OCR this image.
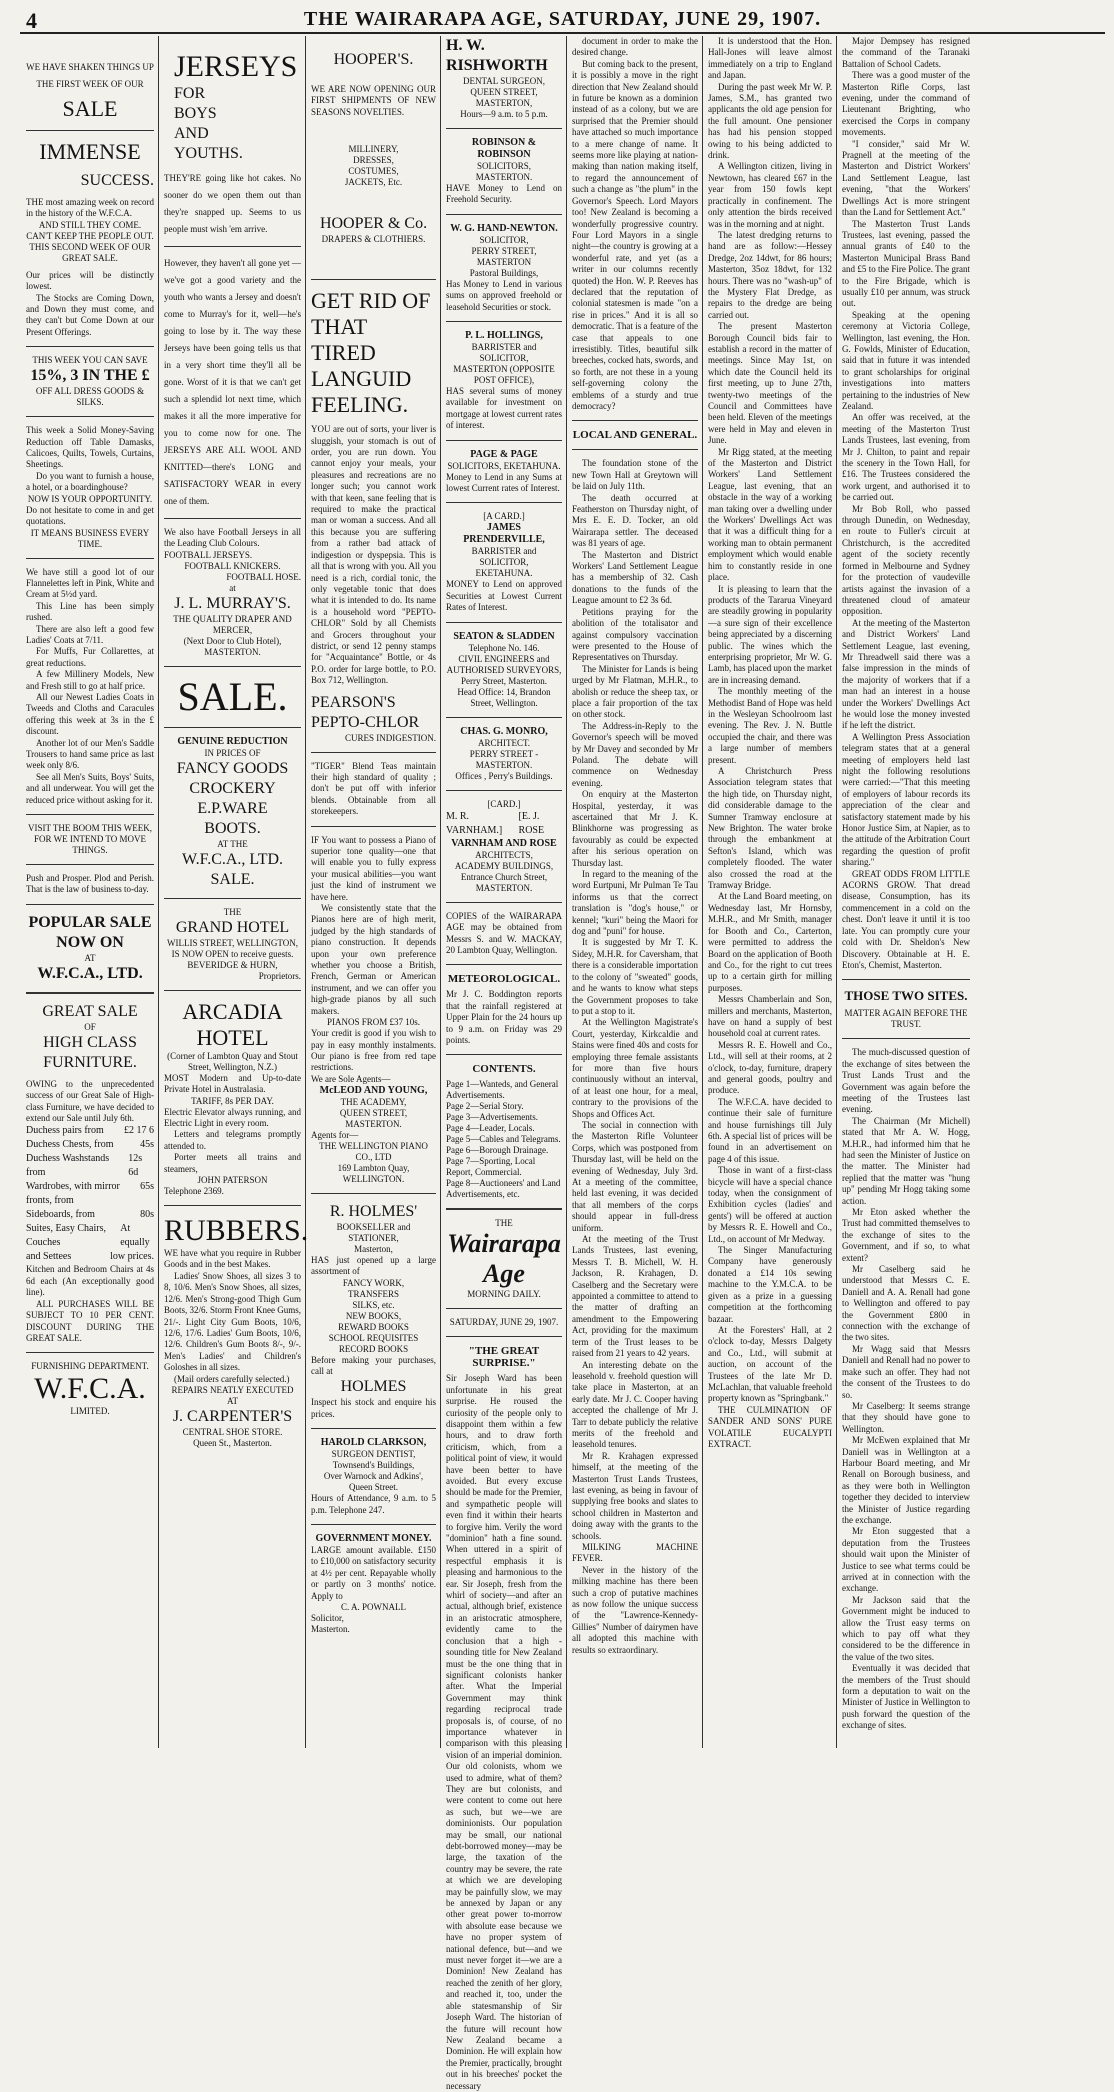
4	THE WAIRARAPA AGE, SATURDAY, JUNE 29, 1907.
WE HAVE SHAKEN THINGS UP
THE FIRST WEEK OF OUR
SALE
IMMENSE
SUCCESS.

THE most amazing week on record in the history of the W.F.C.A.

AND STILL THEY COME.
CAN'T KEEP THE PEOPLE OUT.
THIS SECOND WEEK OF OUR GREAT SALE.

Our prices will be distinctly lowest.

The Stocks are Coming Down, and Down they must come, and they can't but Come Down at our Present Offerings.

THIS WEEK YOU CAN SAVE
15%, 3 IN THE £
OFF ALL DRESS GOODS & SILKS.

This week a Solid Money-Saving Reduction off Table Damasks, Calicoes, Quilts, Towels, Curtains, Sheetings.

Do you want to furnish a house, a hotel, or a boardinghouse?

NOW IS YOUR OPPORTUNITY.

Do not hesitate to come in and get quotations.

IT MEANS BUSINESS EVERY TIME.

We have still a good lot of our Flannelettes left in Pink, White and Cream at 5½d yard.

This Line has been simply rushed.

There are also left a good few Ladies' Coats at 7/11.

For Muffs, Fur Collarettes, at great reductions.

A few Millinery Models, New and Fresh still to go at half price.

All our Newest Ladies Coats in Tweeds and Cloths and Caracules offering this week at 3s in the £ discount.

Another lot of our Men's Saddle Trousers to hand same price as last week only 8/6.

See all Men's Suits, Boys' Suits, and all underwear. You will get the reduced price without asking for it.

VISIT THE BOOM THIS WEEK,
FOR WE INTEND TO MOVE THINGS.

Push and Prosper. Plod and Perish. That is the law of business to-day.

POPULAR SALE
NOW ON
AT
W.F.C.A., LTD.
GREAT SALE
OF
HIGH CLASS
FURNITURE.

OWING to the unprecedented success of our Great Sale of High-class Furniture, we have decided to extend our Sale until July 6th.

Duchess pairs from £2 17 6
Duchess Chests, from	45s
Duchess Washstands from
12s 6d
Wardrobes, with mirror fronts, from
65s
Sideboards, from	80s
Suites, Easy Chairs, Couches
At equally
and Settees	low prices.

Kitchen and Bedroom Chairs at 4s 6d each (An exceptionally good line).

ALL PURCHASES WILL BE SUBJECT TO 10 PER CENT. DISCOUNT DURING THE GREAT SALE.

FURNISHING DEPARTMENT.
W.F.C.A.
LIMITED.
JERSEYS
FOR
BOYS
AND
YOUTHS.

THEY'RE going like hot cakes. No sooner do we open them out than they're snapped up. Seems to us people must wish 'em arrive.

However, they haven't all gone yet —we've got a good variety and the youth who wants a Jersey and doesn't come to Murray's for it, well—he's going to lose by it. The way these Jerseys have been going tells us that in a very short time they'll all be gone. Worst of it is that we can't get such a splendid lot next time, which makes it all the more imperative for you to come now for one. The JERSEYS ARE ALL WOOL AND KNITTED—there's LONG and SATISFACTORY WEAR in every one of them.

We also have Football Jerseys in all the Leading Club Colours.

FOOTBALL JERSEYS.
FOOTBALL KNICKERS.
FOOTBALL HOSE.
at
J. L. MURRAY'S.
THE QUALITY DRAPER AND MERCER,
(Next Door to Club Hotel),
MASTERTON.
SALE.
GENUINE REDUCTION
IN PRICES OF
FANCY GOODS
CROCKERY
E.P.WARE
BOOTS.
AT THE
W.F.C.A., LTD.
SALE.
THE
GRAND HOTEL
WILLIS STREET, WELLINGTON,
IS NOW OPEN to receive guests.
BEVERIDGE & HURN,
Proprietors.
ARCADIA HOTEL
(Corner of Lambton Quay and Stout Street, Wellington, N.Z.)

MOST Modern and Up-to-date Private Hotel in Australasia.

TARIFF, 8s PER DAY.

Electric Elevator always running, and Electric Light in every room.

Letters and telegrams promptly attended to.

Porter meets all trains and steamers,

JOHN PATERSON
Telephone 2369.
RUBBERS.

WE have what you require in Rubber Goods and in the best Makes.

Ladies' Snow Shoes, all sizes 3 to 8, 10/6. Men's Snow Shoes, all sizes, 12/6. Men's Strong-good Thigh Gum Boots, 32/6. Storm Front Knee Gums, 21/-. Light City Gum Boots, 10/6, 12/6, 17/6. Ladies' Gum Boots, 10/6, 12/6. Children's Gum Boots 8/-, 9/-. Men's Ladies' and Children's Goloshes in all sizes.

(Mail orders carefully selected.)

REPAIRS NEATLY EXECUTED
AT
J. CARPENTER'S
CENTRAL SHOE STORE.
Queen St., Masterton.
HOOPER'S.

WE ARE NOW OPENING OUR FIRST SHIPMENTS OF NEW SEASONS NOVELTIES.

MILLINERY,
DRESSES,
COSTUMES,
JACKETS, Etc.
HOOPER & Co.
DRAPERS & CLOTHIERS.
GET RID OF
THAT TIRED
LANGUID
FEELING.

YOU are out of sorts, your liver is sluggish, your stomach is out of order, you are run down. You cannot enjoy your meals, your pleasures and recreations are no longer such; you cannot work with that keen, sane feeling that is required to make the practical man or woman a success. And all this because you are suffering from a rather bad attack of indigestion or dyspepsia. This is all that is wrong with you. All you need is a rich, cordial tonic, the only vegetable tonic that does what it is intended to do. Its name is a household word "PEPTO-CHLOR" Sold by all Chemists and Grocers throughout your district, or send 12 penny stamps for "Acquaintance" Bottle, or 4s P.O. order for large bottle, to P.O. Box 712, Wellington.

PEARSON'S
PEPTO-CHLOR
CURES INDIGESTION.

"TIGER" Blend Teas maintain their high standard of quality ; don't be put off with inferior blends. Obtainable from all storekeepers.

IF You want to possess a Piano of superior tone quality—one that will enable you to fully express your musical abilities—you want just the kind of instrument we have here.

We consistently state that the Pianos here are of high merit, judged by the high standards of piano construction. It depends upon your own preference whether you choose a British, French, German or American instrument, and we can offer you high-grade pianos by all such makers.

PIANOS FROM £37 10s.

Your credit is good if you wish to pay in easy monthly instalments. Our piano is free from red tape restrictions.

We are Sole Agents—
McLEOD AND YOUNG,
THE ACADEMY,
QUEEN STREET, MASTERTON.
Agents for—
THE WELLINGTON PIANO CO., LTD
169 Lambton Quay,
WELLINGTON.
R. HOLMES'
BOOKSELLER and STATIONER,
Masterton,

HAS just opened up a large assortment of

FANCY WORK,
TRANSFERS
SILKS, etc.
NEW BOOKS,
REWARD BOOKS
SCHOOL REQUISITES
RECORD BOOKS

Before making your purchases, call at

HOLMES

Inspect his stock and enquire his prices.

HAROLD CLARKSON,
SURGEON DENTIST,
Townsend's Buildings,
Over Warnock and Adkins',
Queen Street.

Hours of Attendance, 9 a.m. to 5 p.m. Telephone 247.

GOVERNMENT MONEY.

LARGE amount available. £150 to £10,000 on satisfactory security at 4½ per cent. Repayable wholly or partly on 3 months' notice. Apply to

C. A. POWNALL
Solicitor,
Masterton.
H. W. RISHWORTH
DENTAL SURGEON,
QUEEN STREET, MASTERTON,
Hours—9 a.m. to 5 p.m.
ROBINSON & ROBINSON
SOLICITORS,
MASTERTON.

HAVE Money to Lend on Freehold Security.

W. G. HAND-NEWTON.
SOLICITOR,
PERRY STREET, MASTERTON
Pastoral Buildings,

Has Money to Lend in various sums on approved freehold or leasehold Securities or stock.

P. L. HOLLINGS,
BARRISTER and SOLICITOR,
MASTERTON (OPPOSITE POST OFFICE),

HAS several sums of money available for investment on mortgage at lowest current rates of interest.

PAGE & PAGE
SOLICITORS, EKETAHUNA.

Money to Lend in any Sums at lowest Current rates of Interest.

[A CARD.]
JAMES PRENDERVILLE,
BARRISTER and SOLICITOR,
EKETAHUNA.

MONEY to Lend on approved Securities at Lowest Current Rates of Interest.

SEATON & SLADDEN
Telephone No. 146.
CIVIL ENGINEERS and AUTHORISED SURVEYORS,
Perry Street, Masterton.
Head Office: 14, Brandon Street, Wellington.
CHAS. G. MONRO,
ARCHITECT.
PERRY STREET - MASTERTON.
Offices , Perry's Buildings.
[CARD.]
M. R. VARNHAM.]
[E. J. ROSE
VARNHAM AND ROSE
ARCHITECTS,
ACADEMY BUILDINGS,
Entrance Church Street, MASTERTON.

COPIES of the WAIRARAPA AGE may be obtained from Messrs S. and W. MACKAY, 20 Lambton Quay, Wellington.

METEOROLOGICAL.

Mr J. C. Boddington reports that the rainfall registered at Upper Plain for the 24 hours up to 9 a.m. on Friday was 29 points.

CONTENTS.
Page 1—Wanteds, and General Advertisements.
Page 2—Serial Story.
Page 3—Advertisements.
Page 4—Leader, Locals.
Page 5—Cables and Telegrams.
Page 6—Borough Drainage.
Page 7—Sporting, Local Report, Commercial.
Page 8—Auctioneers' and Land Advertisements, etc.
THE
Wairarapa Age
MORNING DAILY.
SATURDAY, JUNE 29, 1907.
"THE GREAT SURPRISE."

Sir Joseph Ward has been unfortunate in his great surprise. He roused the curiosity of the people only to disappoint them within a few hours, and to draw forth criticism, which, from a political point of view, it would have been better to have avoided. But every excuse should be made for the Premier, and sympathetic people will even find it within their hearts to forgive him. Verily the word "dominion" hath a fine sound. When uttered in a spirit of respectful emphasis it is pleasing and harmonious to the ear. Sir Joseph, fresh from the whirl of society—and after an actual, although brief, existence in an aristocratic atmosphere, evidently came to the conclusion that a high - sounding title for New Zealand must be the one thing that in significant colonists hanker after. What the Imperial Government may think regarding reciprocal trade proposals is, of course, of no importance whatever in comparison with this pleasing vision of an imperial dominion. Our old colonists, whom we used to admire, what of them? They are but colonists, and were content to come out here as such, but we—we are dominionists. Our population may be small, our national debt-borrowed money—may be large, the taxation of the country may be severe, the rate at which we are developing may be painfully slow, we may be annexed by Japan or any other great power to-morrow with absolute ease because we have no proper system of national defence, but—and we must never forget it—we are a Dominion! New Zealand has reached the zenith of her glory, and reached it, too, under the able statesmanship of Sir Joseph Ward. The historian of the future will recount how New Zealand became a Dominion. He will explain how the Premier, practically, brought out in his breeches' pocket the necessary

document in order to make the desired change.

But coming back to the present, it is possibly a move in the right direction that New Zealand should in future be known as a dominion instead of as a colony, but we are surprised that the Premier should have attached so much importance to a mere change of name. It seems more like playing at nation-making than nation making itself, to regard the announcement of such a change as "the plum" in the Governor's Speech. Lord Mayors too! New Zealand is becoming a wonderfully progressive country. Four Lord Mayors in a single night—the country is growing at a wonderful rate, and yet (as a writer in our columns recently quoted) the Hon. W. P. Reeves has declared that the reputation of colonial statesmen is made "on a rise in prices." And it is all so democratic. That is a feature of the case that appeals to one irresistibly. Titles, beautiful silk breeches, cocked hats, swords, and so forth, are not these in a young self-governing colony the emblems of a sturdy and true democracy?

LOCAL AND GENERAL.

The foundation stone of the new Town Hall at Greytown will be laid on July 11th.

The death occurred at Featherston on Thursday night, of Mrs E. E. D. Tocker, an old Wairarapa settler. The deceased was 81 years of age.

The Masterton and District Workers' Land Settlement League has a membership of 32. Cash donations to the funds of the League amount to £2 3s 6d.

Petitions praying for the abolition of the totalisator and against compulsory vaccination were presented to the House of Representatives on Thursday.

The Minister for Lands is being urged by Mr Flatman, M.H.R., to abolish or reduce the sheep tax, or place a fair proportion of the tax on other stock.

The Address-in-Reply to the Governor's speech will be moved by Mr Davey and seconded by Mr Poland. The debate will commence on Wednesday evening.

On enquiry at the Masterton Hospital, yesterday, it was ascertained that Mr J. K. Blinkhorne was progressing as favourably as could be expected after his serious operation on Thursday last.

In regard to the meaning of the word Eurtpuni, Mr Pulman Te Tau informs us that the correct translation is "dog's house," or kennel; "kuri" being the Maori for dog and "puni" for house.

It is suggested by Mr T. K. Sidey, M.H.R. for Caversham, that there is a considerable importation to the colony of "sweated" goods, and he wants to know what steps the Government proposes to take to put a stop to it.

At the Wellington Magistrate's Court, yesterday, Kirkcaldie and Stains were fined 40s and costs for employing three female assistants for more than five hours continuously without an interval, of at least one hour, for a meal, contrary to the provisions of the Shops and Offices Act.

The social in connection with the Masterton Rifle Volunteer Corps, which was postponed from Thursday last, will be held on the evening of Wednesday, July 3rd. At a meeting of the committee, held last evening, it was decided that all members of the corps should appear in full-dress uniform.

At the meeting of the Trust Lands Trustees, last evening, Messrs T. B. Michell, W. H. Jackson, R. Krahagen, D. Caselberg and the Secretary were appointed a committee to attend to the matter of drafting an amendment to the Empowering Act, providing for the maximum term of the Trust leases to be raised from 21 years to 42 years.

An interesting debate on the leasehold v. freehold question will take place in Masterton, at an early date. Mr J. C. Cooper having accepted the challenge of Mr J. Tarr to debate publicly the relative merits of the freehold and leasehold tenures.

Mr R. Krahagen expressed himself, at the meeting of the Masterton Trust Lands Trustees, last evening, as being in favour of supplying free books and slates to school children in Masterton and doing away with the grants to the schools.

MILKING MACHINE FEVER.

Never in the history of the milking machine has there been such a crop of putative machines as now follow the unique success of the "Lawrence-Kennedy-Gillies" Number of dairymen have all adopted this machine with results so extraordinary.

It is understood that the Hon. Hall-Jones will leave almost immediately on a trip to England and Japan.

During the past week Mr W. P. James, S.M., has granted two applicants the old age pension for the full amount. One pensioner has had his pension stopped owing to his being addicted to drink.

A Wellington citizen, living in Newtown, has cleared £67 in the year from 150 fowls kept practically in confinement. The only attention the birds received was in the morning and at night.

The latest dredging returns to hand are as follow:—Hessey Dredge, 2oz 14dwt, for 86 hours; Masterton, 35oz 18dwt, for 132 hours. There was no "wash-up" of the Mystery Flat Dredge, as repairs to the dredge are being carried out.

The present Masterton Borough Council bids fair to establish a record in the matter of meetings. Since May 1st, on which date the Council held its first meeting, up to June 27th, twenty-two meetings of the Council and Committees have been held. Eleven of the meetings were held in May and eleven in June.

Mr Rigg stated, at the meeting of the Masterton and District Workers' Land Settlement League, last evening, that an obstacle in the way of a working man taking over a dwelling under the Workers' Dwellings Act was that it was a difficult thing for a working man to obtain permanent employment which would enable him to constantly reside in one place.

It is pleasing to learn that the products of the Tararua Vineyard are steadily growing in popularity—a sure sign of their excellence being appreciated by a discerning public. The wines which the enterprising proprietor, Mr W. G. Lamb, has placed upon the market are in increasing demand.

The monthly meeting of the Methodist Band of Hope was held in the Wesleyan Schoolroom last evening. The Rev. J. N. Buttle occupied the chair, and there was a large number of members present.

A Christchurch Press Association telegram states that the high tide, on Thursday night, did considerable damage to the Sumner Tramway enclosure at New Brighton. The water broke through the embankment at Sefton's Island, which was completely flooded. The water also crossed the road at the Tramway Bridge.

At the Land Board meeting, on Wednesday last, Mr Hornsby, M.H.R., and Mr Smith, manager for Booth and Co., Carterton, were permitted to address the Board on the application of Booth and Co., for the right to cut trees up to a certain girth for milling purposes.

Messrs Chamberlain and Son, millers and merchants, Masterton, have on hand a supply of best household coal at current rates.

Messrs R. E. Howell and Co., Ltd., will sell at their rooms, at 2 o'clock, to-day, furniture, drapery and general goods, poultry and produce.

The W.F.C.A. have decided to continue their sale of furniture and house furnishings till July 6th. A special list of prices will be found in an advertisement on page 4 of this issue.

Those in want of a first-class bicycle will have a special chance today, when the consignment of Exhibition cycles (ladies' and gents') will be offered at auction by Messrs R. E. Howell and Co., Ltd., on account of Mr Medway.

The Singer Manufacturing Company have generously donated a £14 10s sewing machine to the Y.M.C.A. to be given as a prize in a guessing competition at the forthcoming bazaar.

At the Foresters' Hall, at 2 o'clock to-day, Messrs Dalgety and Co., Ltd., will submit at auction, on account of the Trustees of the late Mr D. McLachlan, that valuable freehold property known as "Springbank."

THE CULMINATION OF SANDER AND SONS' PURE VOLATILE EUCALYPTI EXTRACT.

Major Dempsey has resigned the command of the Taranaki Battalion of School Cadets.

There was a good muster of the Masterton Rifle Corps, last evening, under the command of Lieutenant Brighting, who exercised the Corps in company movements.

"I consider," said Mr W. Pragnell at the meeting of the Masterton and District Workers' Land Settlement League, last evening, "that the Workers' Dwellings Act is more stringent than the Land for Settlement Act."

The Masterton Trust Lands Trustees, last evening, passed the annual grants of £40 to the Masterton Municipal Brass Band and £5 to the Fire Police. The grant to the Fire Brigade, which is usually £10 per annum, was struck out.

Speaking at the opening ceremony at Victoria College, Wellington, last evening, the Hon. G. Fowlds, Minister of Education, said that in future it was intended to grant scholarships for original investigations into matters pertaining to the industries of New Zealand.

An offer was received, at the meeting of the Masterton Trust Lands Trustees, last evening, from Mr J. Chilton, to paint and repair the scenery in the Town Hall, for £16. The Trustees considered the work urgent, and authorised it to be carried out.

Mr Bob Roll, who passed through Dunedin, on Wednesday, en route to Fuller's circuit at Christchurch, is the accredited agent of the society recently formed in Melbourne and Sydney for the protection of vaudeville artists against the invasion of a threatened cloud of amateur opposition.

At the meeting of the Masterton and District Workers' Land Settlement League, last evening, Mr Threadwell said there was a false impression in the minds of the majority of workers that if a man had an interest in a house under the Workers' Dwellings Act he would lose the money invested if he left the district.

A Wellington Press Association telegram states that at a general meeting of employers held last night the following resolutions were carried:—"That this meeting of employers of labour records its appreciation of the clear and satisfactory statement made by his Honor Justice Sim, at Napier, as to the attitude of the Arbitration Court regarding the question of profit sharing."

GREAT ODDS FROM LITTLE ACORNS GROW. That dread disease, Consumption, has its commencement in a cold on the chest. Don't leave it until it is too late. You can promptly cure your cold with Dr. Sheldon's New Discovery. Obtainable at H. E. Eton's, Chemist, Masterton.

THOSE TWO SITES.
MATTER AGAIN BEFORE THE TRUST.

The much-discussed question of the exchange of sites between the Trust Lands Trust and the Government was again before the meeting of the Trustees last evening.

The Chairman (Mr Michell) stated that Mr A. W. Hogg, M.H.R., had informed him that he had seen the Minister of Justice on the matter. The Minister had replied that the matter was "hung up" pending Mr Hogg taking some action.

Mr Eton asked whether the Trust had committed themselves to the exchange of sites to the Government, and if so, to what extent?

Mr Caselberg said he understood that Messrs C. E. Daniell and A. A. Renall had gone to Wellington and offered to pay the Government £800 in connection with the exchange of the two sites.

Mr Wagg said that Messrs Daniell and Renall had no power to make such an offer. They had not the consent of the Trustees to do so.

Mr Caselberg: It seems strange that they should have gone to Wellington.

Mr McEwen explained that Mr Daniell was in Wellington at a Harbour Board meeting, and Mr Renall on Borough business, and as they were both in Wellington together they decided to interview the Minister of Justice regarding the exchange.

Mr Eton suggested that a deputation from the Trustees should wait upon the Minister of Justice to see what terms could be arrived at in connection with the exchange.

Mr Jackson said that the Government might be induced to allow the Trust easy terms on which to pay off what they considered to be the difference in the value of the two sites.

Eventually it was decided that the members of the Trust should form a deputation to wait on the Minister of Justice in Wellington to push forward the question of the exchange of sites.
